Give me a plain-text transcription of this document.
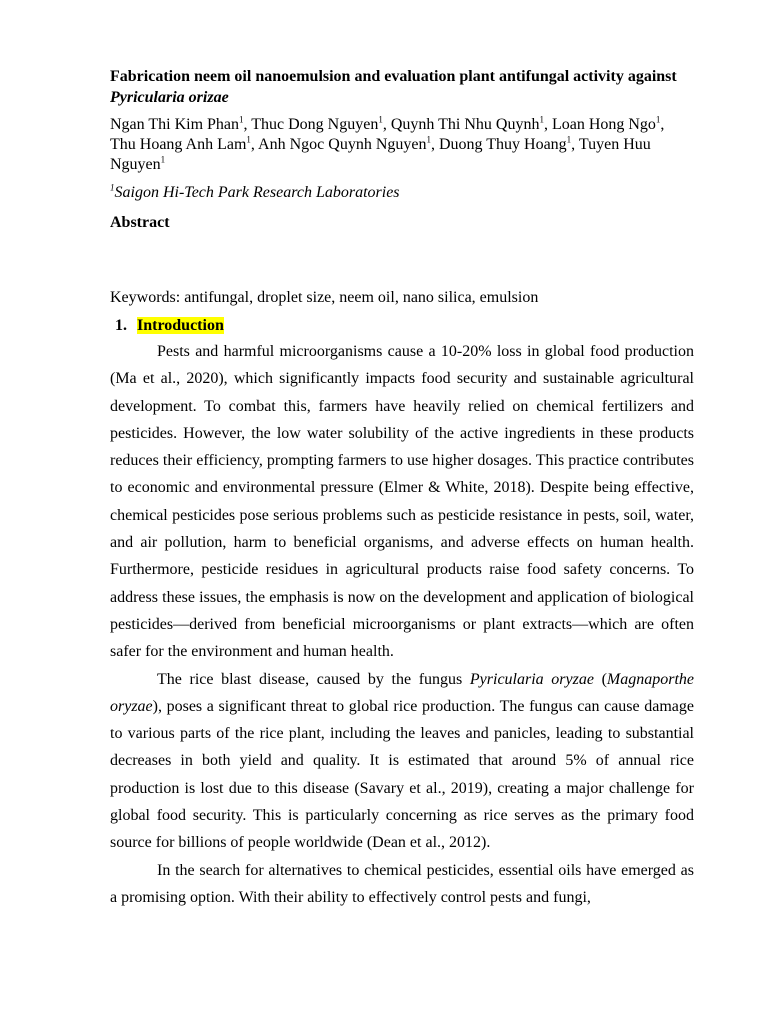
Fabrication neem oil nanoemulsion and evaluation plant antifungal activity against Pyricularia orizae

Ngan Thi Kim Phan$^1$, Thuc Dong Nguyen$^1$, Quynh Thi Nhu Quynh$^1$, Loan Hong Ngo$^1$,
Thu Hoang Anh Lam$^1$, Anh Ngoc Quynh Nguyen$^1$, Duong Thuy Hoang$^1$, Tuyen Huu Nguyen$^1$
$^1$Saigon Hi-Tech Park Research Laboratories
Abstract
Keywords: antifungal, droplet size, neem oil, nano silica, emulsion
1. Introduction

Pests and harmful microorganisms cause a 10-20% loss in global food production (Ma et al., 2020), which significantly impacts food security and sustainable agricultural development. To combat this, farmers have heavily relied on chemical fertilizers and pesticides. However, the low water solubility of the active ingredients in these products reduces their efficiency, prompting farmers to use higher dosages. This practice contributes to economic and environmental pressure (Elmer & White, 2018). Despite being effective, chemical pesticides pose serious problems such as pesticide resistance in pests, soil, water, and air pollution, harm to beneficial organisms, and adverse effects on human health. Furthermore, pesticide residues in agricultural products raise food safety concerns. To address these issues, the emphasis is now on the development and application of biological pesticides—derived from beneficial microorganisms or plant extracts—which are often safer for the environment and human health.

The rice blast disease, caused by the fungus Pyricularia oryzae (Magnaporthe oryzae), poses a significant threat to global rice production. The fungus can cause damage to various parts of the rice plant, including the leaves and panicles, leading to substantial decreases in both yield and quality. It is estimated that around 5% of annual rice production is lost due to this disease (Savary et al., 2019), creating a major challenge for global food security. This is particularly concerning as rice serves as the primary food source for billions of people worldwide (Dean et al., 2012).

In the search for alternatives to chemical pesticides, essential oils have emerged as a promising option. With their ability to effectively control pests and fungi,
